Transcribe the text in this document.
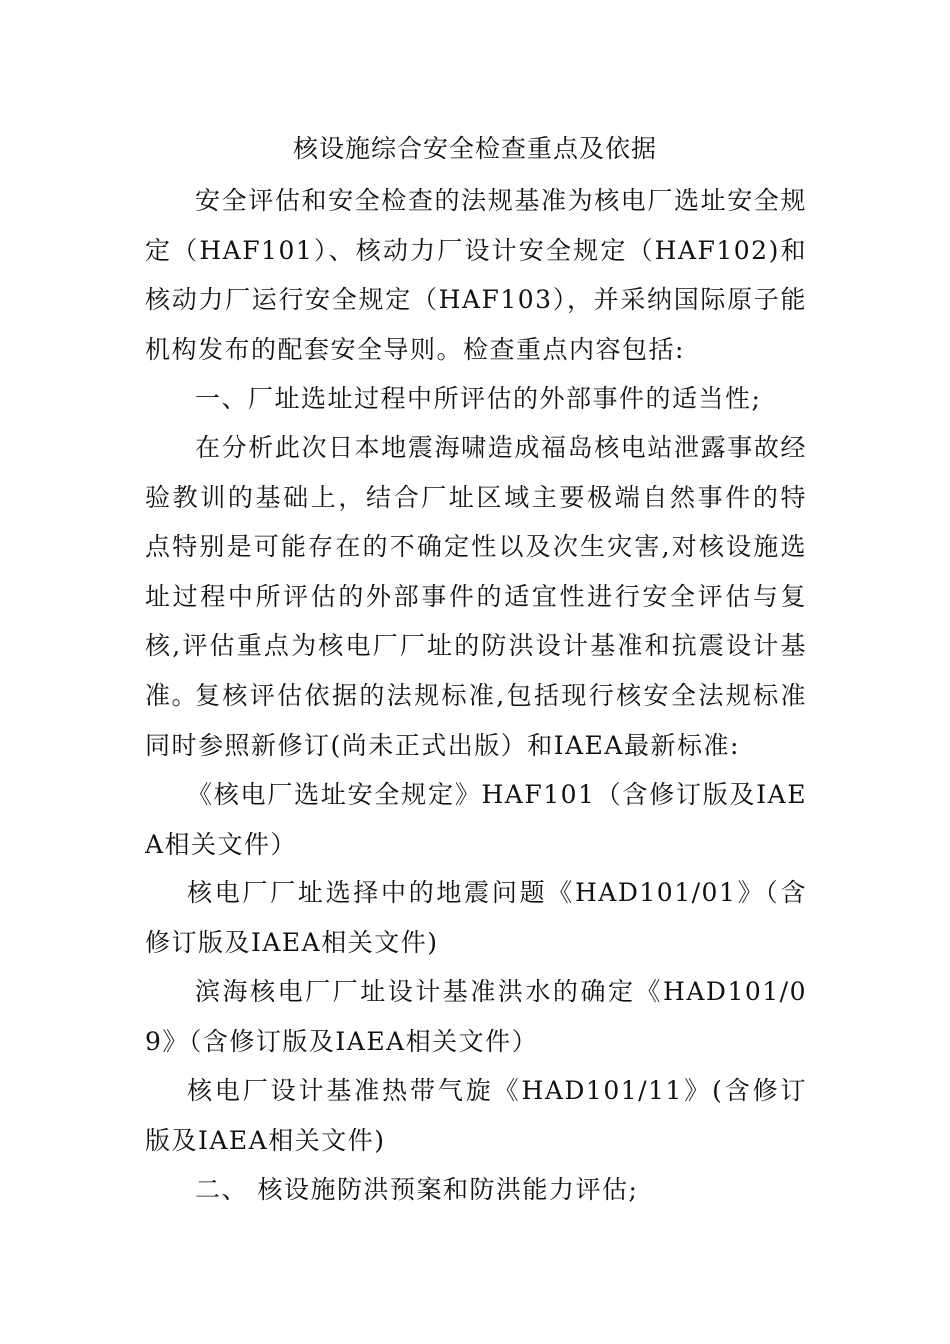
核设施综合安全检查重点及依据

安全评估和安全检查的法规基准为核电厂选址安全规定（HAF101）、核动力厂设计安全规定（HAF102)和核动力厂运行安全规定（HAF103），并采纳国际原子能机构发布的配套安全导则。检查重点内容包括:

一、厂址选址过程中所评估的外部事件的适当性;

在分析此次日本地震海啸造成福岛核电站泄露事故经验教训的基础上，结合厂址区域主要极端自然事件的特点特别是可能存在的不确定性以及次生灾害,对核设施选址过程中所评估的外部事件的适宜性进行安全评估与复核,评估重点为核电厂厂址的防洪设计基准和抗震设计基准。

复核评估依据的法规标准,包括现行核安全法规标准同时参照新修订(尚未正式出版）和IAEA最新标准:

《核电厂选址安全规定》HAF101（含修订版及IAEA相关文件）

核电厂厂址选择中的地震问题《HAD101/01》（含修订版及IAEA相关文件)

滨海核电厂厂址设计基准洪水的确定《HAD101/09》（含修订版及IAEA相关文件）

核电厂设计基准热带气旋《HAD101/11》(含修订版及IAEA相关文件)

二、 核设施防洪预案和防洪能力评估;
